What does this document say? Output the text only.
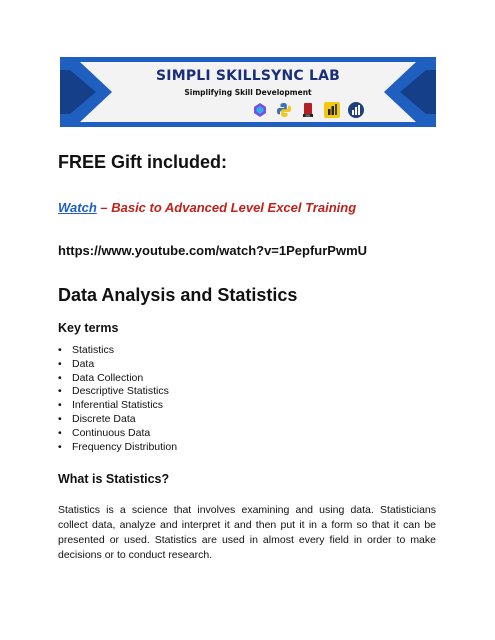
SIMPLI SKILLSYNC LAB
Simplifying Skill Development
SQL
FREE Gift included:
Watch – Basic to Advanced Level Excel Training
https://www.youtube.com/watch?v=1PepfurPwmU
Data Analysis and Statistics
Key terms
• Statistics
• Data
• Data Collection
• Descriptive Statistics
• Inferential Statistics
• Discrete Data
• Continuous Data
• Frequency Distribution
What is Statistics?

Statistics is a science that involves examining and using data. Statisticians collect data, analyze and interpret it and then put it in a form so that it can be presented or used. Statistics are used in almost every field in order to make decisions or to conduct research.
